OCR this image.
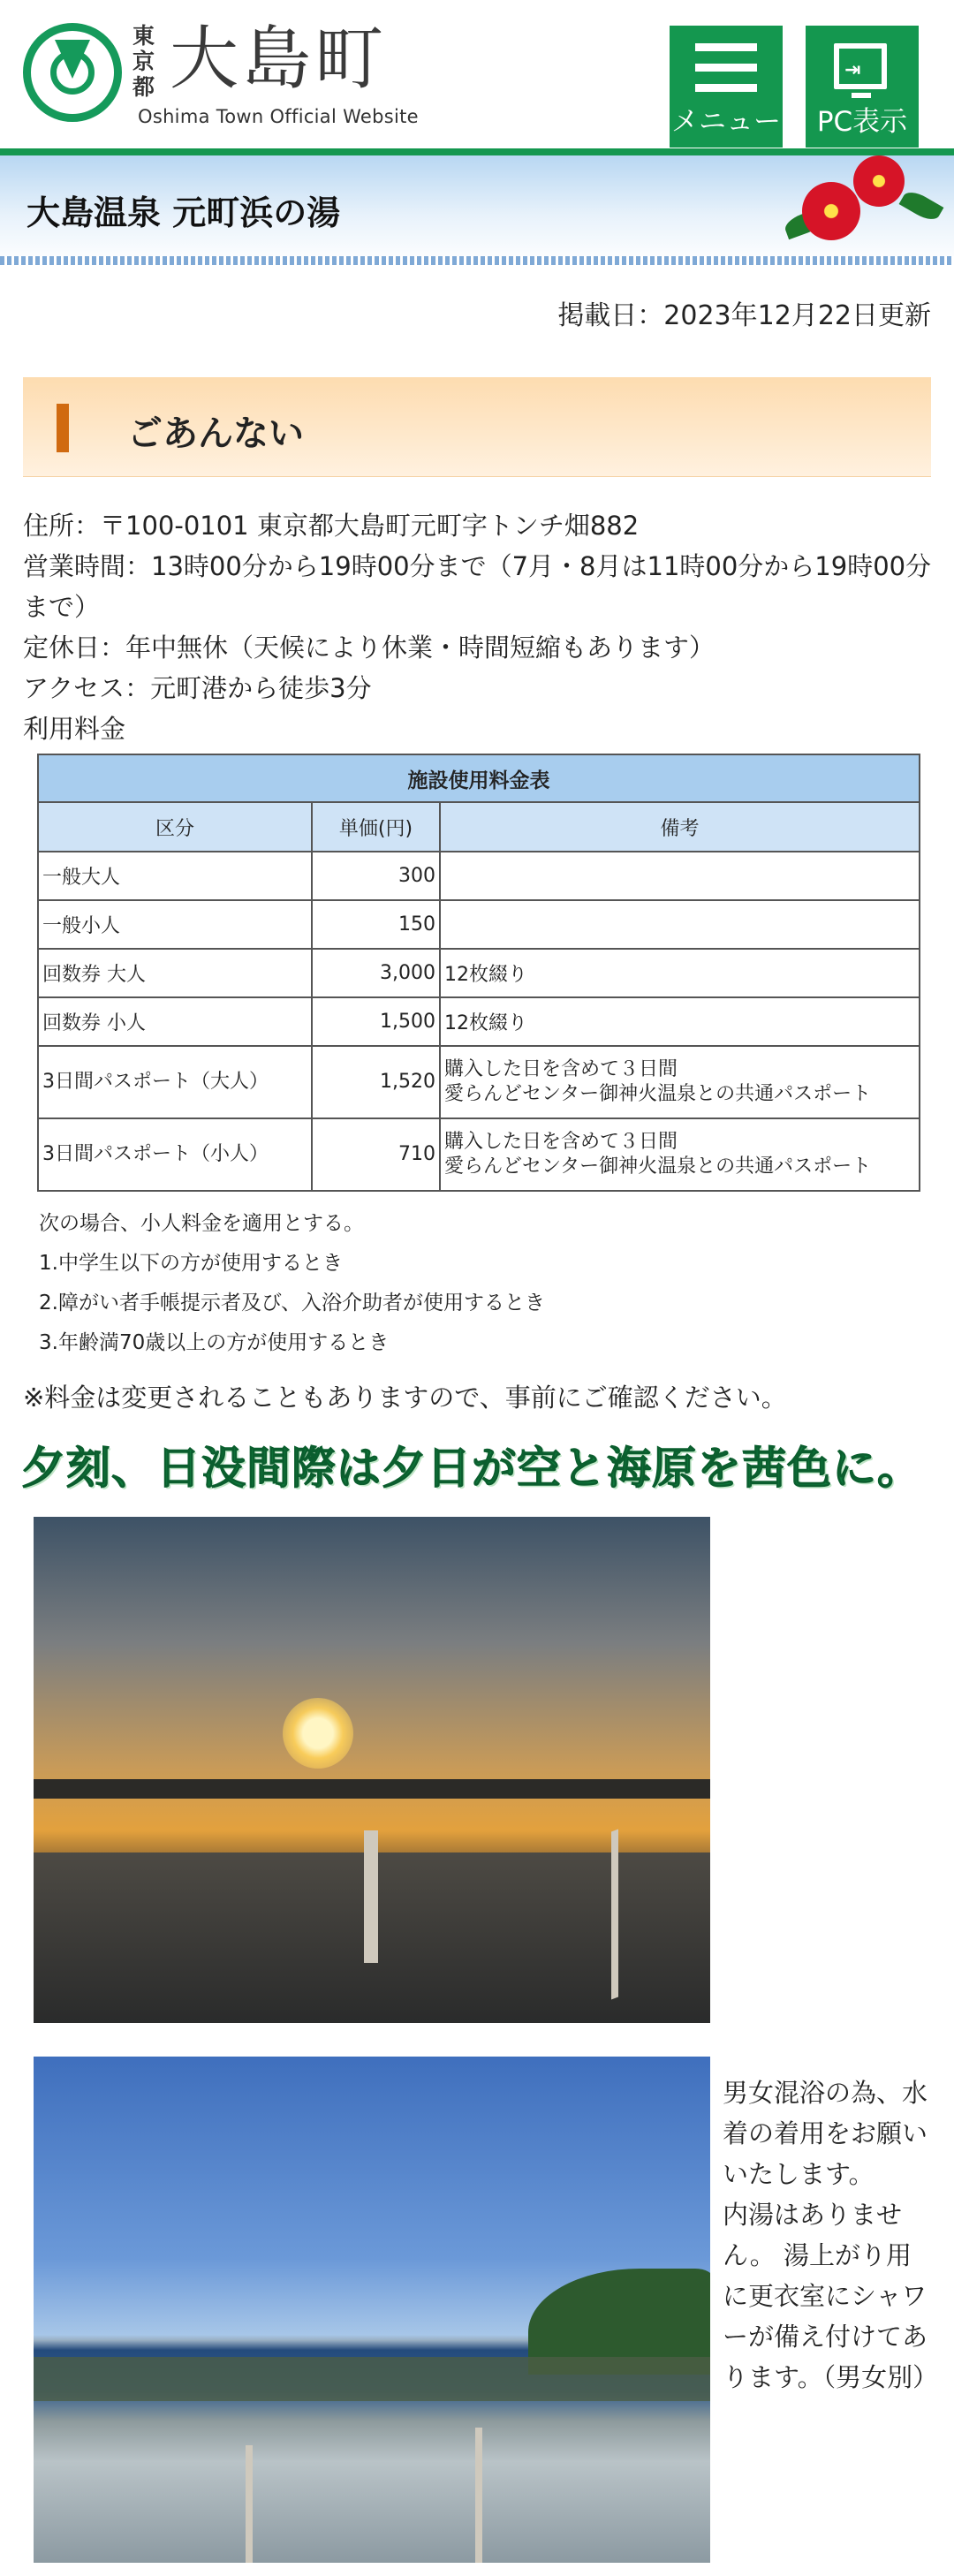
東京都 大島町
Oshima Town Official Website	メニュー
⇥
PC表示
大島温泉 元町浜の湯
掲載日：2023年12月22日更新
ごあんない

住所：〒100-0101 東京都大島町元町字トンチ畑882

営業時間：13時00分から19時00分まで（7月・8月は11時00分から19時00分まで）

定休日：年中無休（天候により休業・時間短縮もあります）

アクセス：元町港から徒歩3分

利用料金

施設使用料金表		
区分	単価(円)	備考
一般大人	300	
一般小人	150	
回数券 大人	3,000	12枚綴り
回数券 小人	1,500	12枚綴り
3日間パスポート（大人）	1,520	購入した日を含めて３日間
愛らんどセンター御神火温泉との共通パスポート

3日間パスポート（小人）	710	購入した日を含めて３日間
愛らんどセンター御神火温泉との共通パスポート

次の場合、小人料金を適用とする。

1.中学生以下の方が使用するとき

2.障がい者手帳提示者及び、入浴介助者が使用するとき

3.年齢満70歳以上の方が使用するとき

※料金は変更されることもありますので、事前にご確認ください。
夕刻、日没間際は夕日が空と海原を茜色に。
男女混浴の為、水着の着用をお願いいたします。
内湯はありません。 湯上がり用に更衣室にシャワーが備え付けてあります。（男女別）
